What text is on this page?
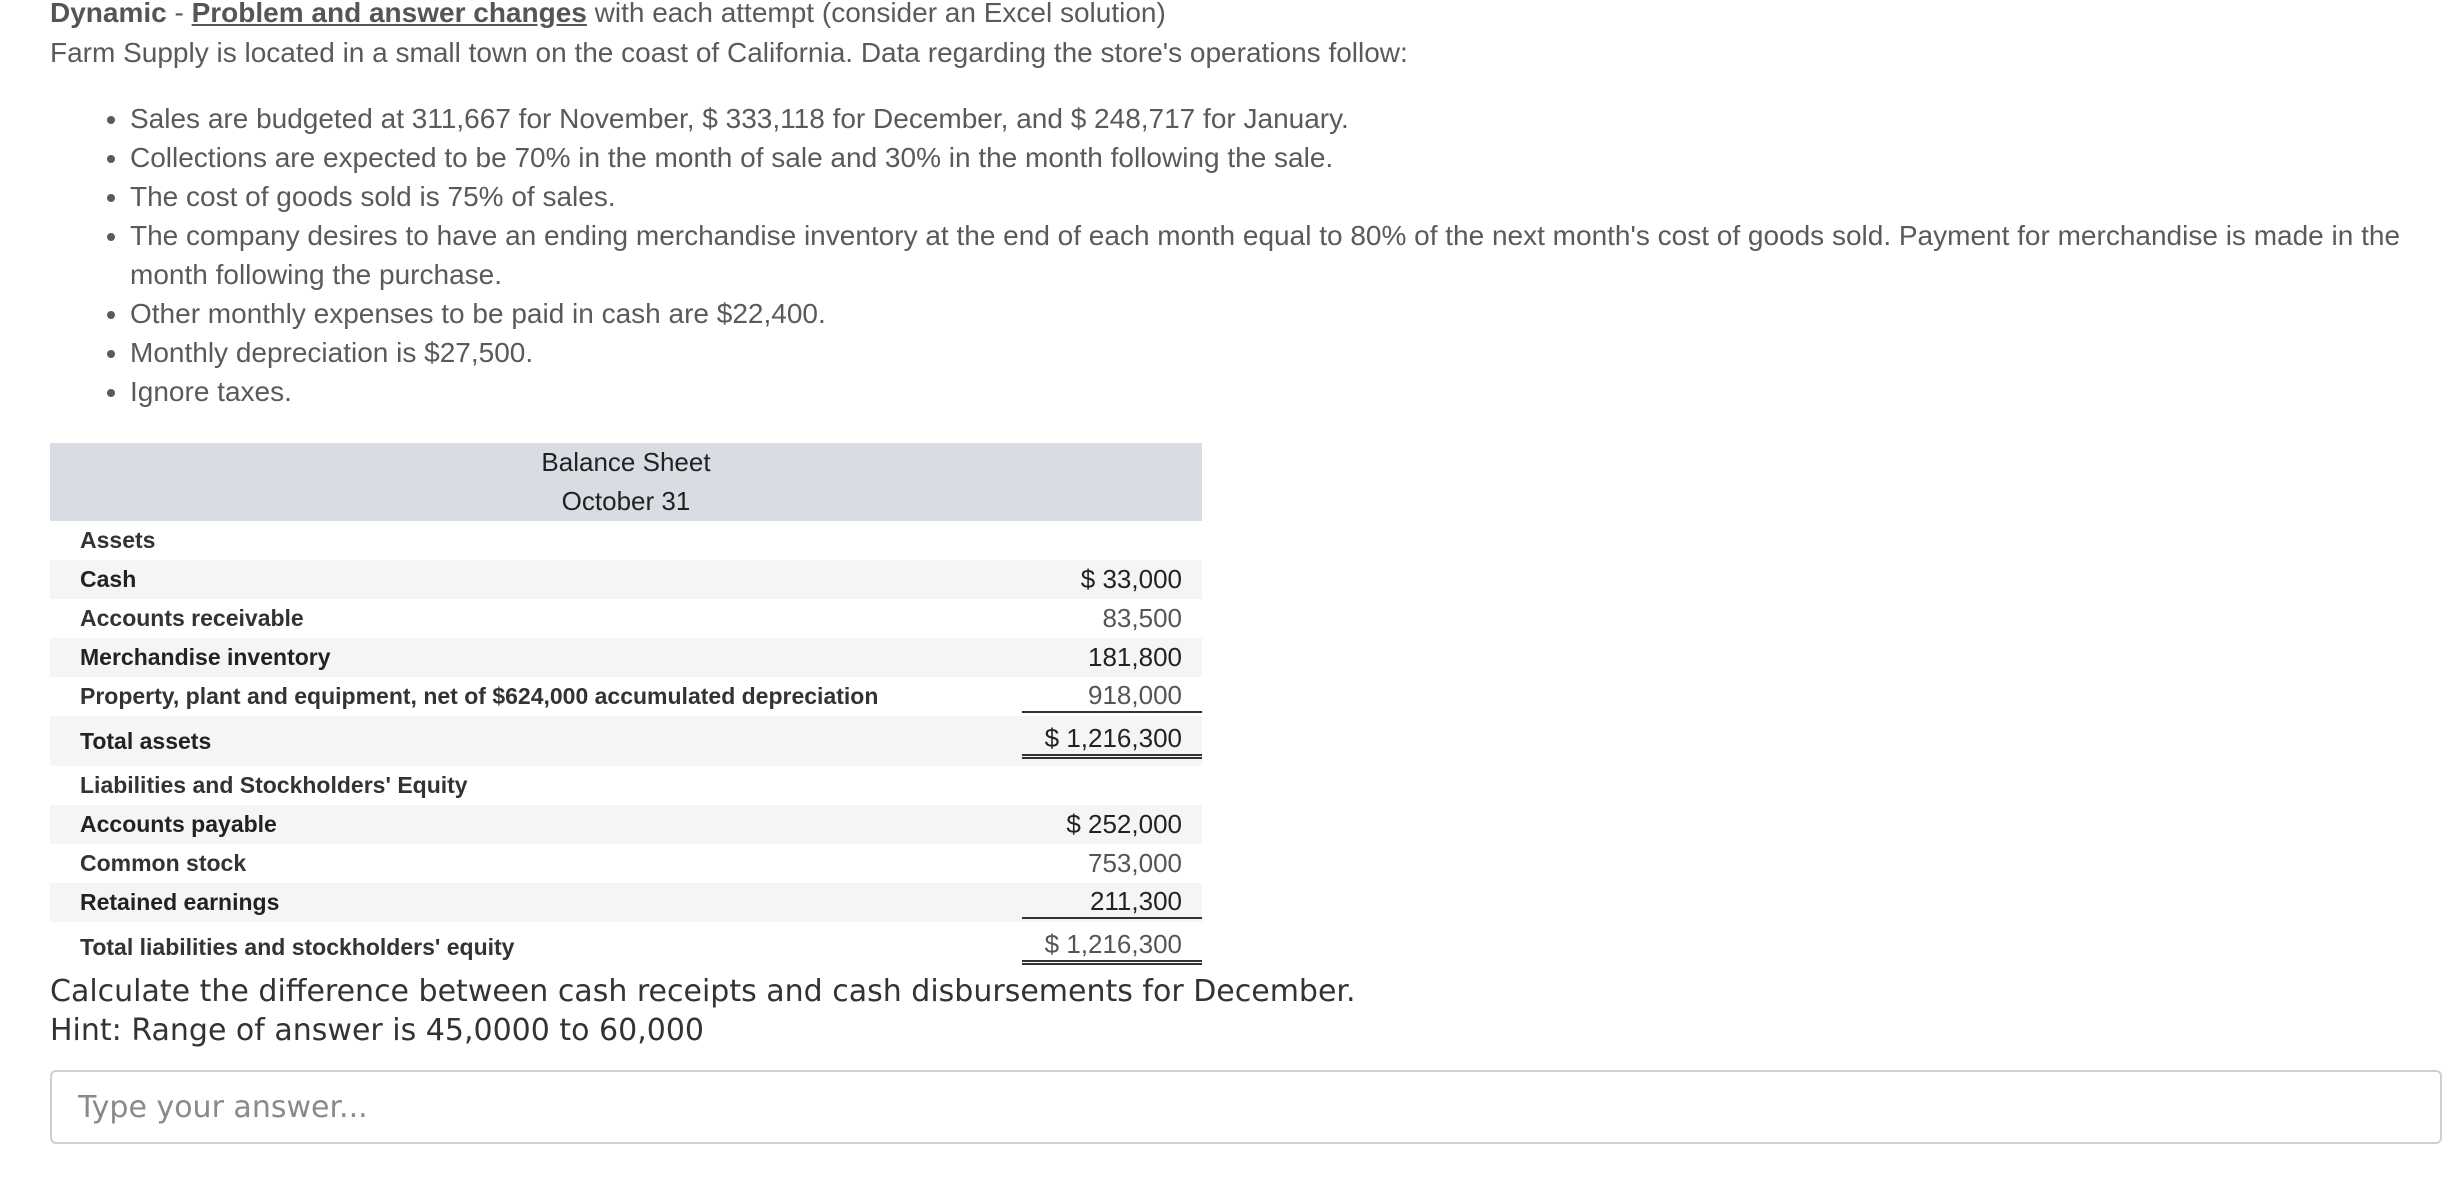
Dynamic - Problem and answer changes with each attempt (consider an Excel solution)

Farm Supply is located in a small town on the coast of California. Data regarding the store's operations follow:

• Sales are budgeted at 311,667 for November, $ 333,118 for December, and $ 248,717 for January.
• Collections are expected to be 70% in the month of sale and 30% in the month following the sale.
• The cost of goods sold is 75% of sales.
• The company desires to have an ending merchandise inventory at the end of each month equal to 80% of the next month's cost of goods sold. Payment for merchandise is made in the month following the purchase.
• Other monthly expenses to be paid in cash are $22,400.
• Monthly depreciation is $27,500.
• Ignore taxes.
Balance Sheet
October 31
Assets
Cash	$ 33,000
Accounts receivable	83,500
Merchandise inventory	181,800
Property, plant and equipment, net of $624,000 accumulated depreciation	918,000
Total assets	$ 1,216,300
Liabilities and Stockholders' Equity
Accounts payable	$ 252,000
Common stock	753,000
Retained earnings	211,300
Total liabilities and stockholders' equity	$ 1,216,300

Calculate the difference between cash receipts and cash disbursements for December.

Hint: Range of answer is 45,0000 to 60,000

Type your answer...
